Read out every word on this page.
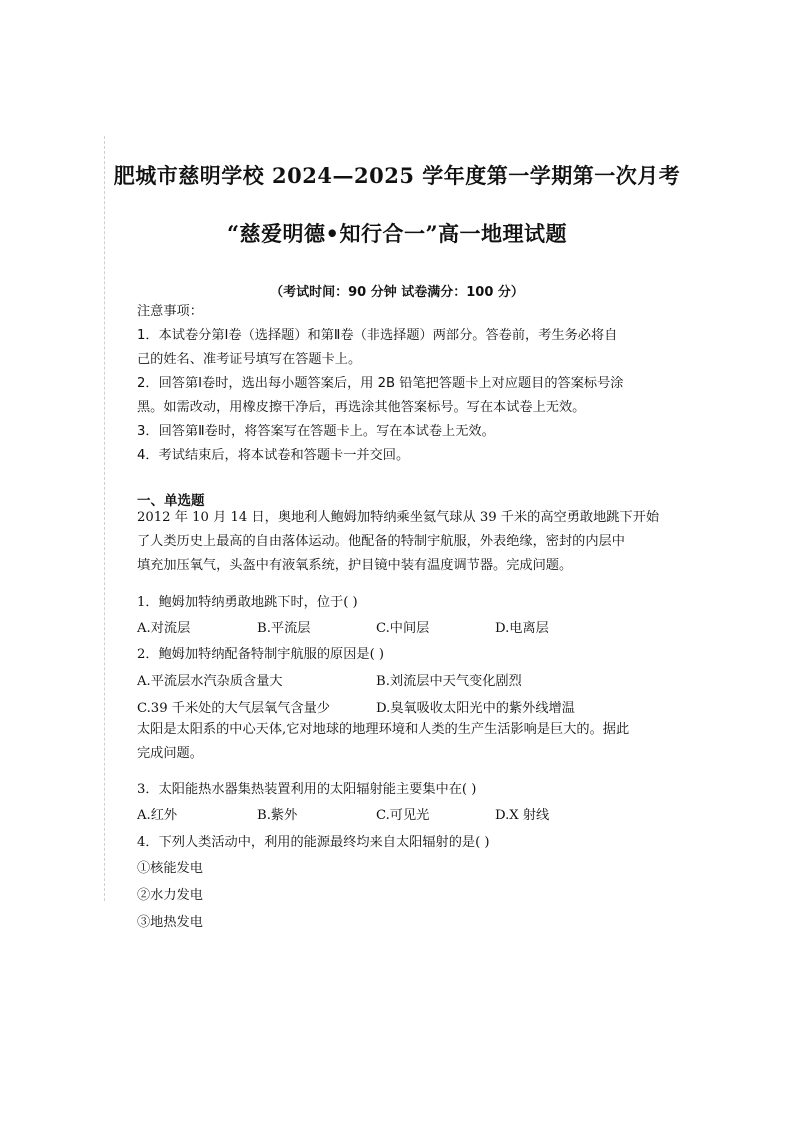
肥城市慈明学校 2024—2025 学年度第一学期第一次月考
“慈爱明德•知行合一”高一地理试题
（考试时间：90 分钟 试卷满分：100 分）

注意事项：

1．本试卷分第Ⅰ卷（选择题）和第Ⅱ卷（非选择题）两部分。答卷前，考生务必将自

己的姓名、准考证号填写在答题卡上。

2．回答第Ⅰ卷时，选出每小题答案后，用 2B 铅笔把答题卡上对应题目的答案标号涂

黑。如需改动，用橡皮擦干净后，再选涂其他答案标号。写在本试卷上无效。

3．回答第Ⅱ卷时，将答案写在答题卡上。写在本试卷上无效。

4．考试结束后，将本试卷和答题卡一并交回。

一、单选题

2012 年 10 月 14 日，奥地利人鲍姆加特纳乘坐氦气球从 39 千米的高空勇敢地跳下开始

了人类历史上最高的自由落体运动。他配备的特制宇航服，外表绝缘，密封的内层中

填充加压氧气，头盔中有液氧系统，护目镜中装有温度调节器。完成问题。

1．鲍姆加特纳勇敢地跳下时，位于( )
A.对流层	B.平流层	C.中间层	D.电离层
2．鲍姆加特纳配备特制宇航服的原因是( )
A.平流层水汽杂质含量大	B.刘流层中天气变化剧烈
C.39 千米处的大气层氧气含量少	D.臭氧吸收太阳光中的紫外线增温

太阳是太阳系的中心天体,它对地球的地理环境和人类的生产生活影响是巨大的。据此

完成问题。

3．太阳能热水器集热装置利用的太阳辐射能主要集中在( )
A.红外	B.紫外	C.可见光	D.X 射线
4．下列人类活动中，利用的能源最终均来自太阳辐射的是( )
①核能发电
②水力发电
③地热发电
